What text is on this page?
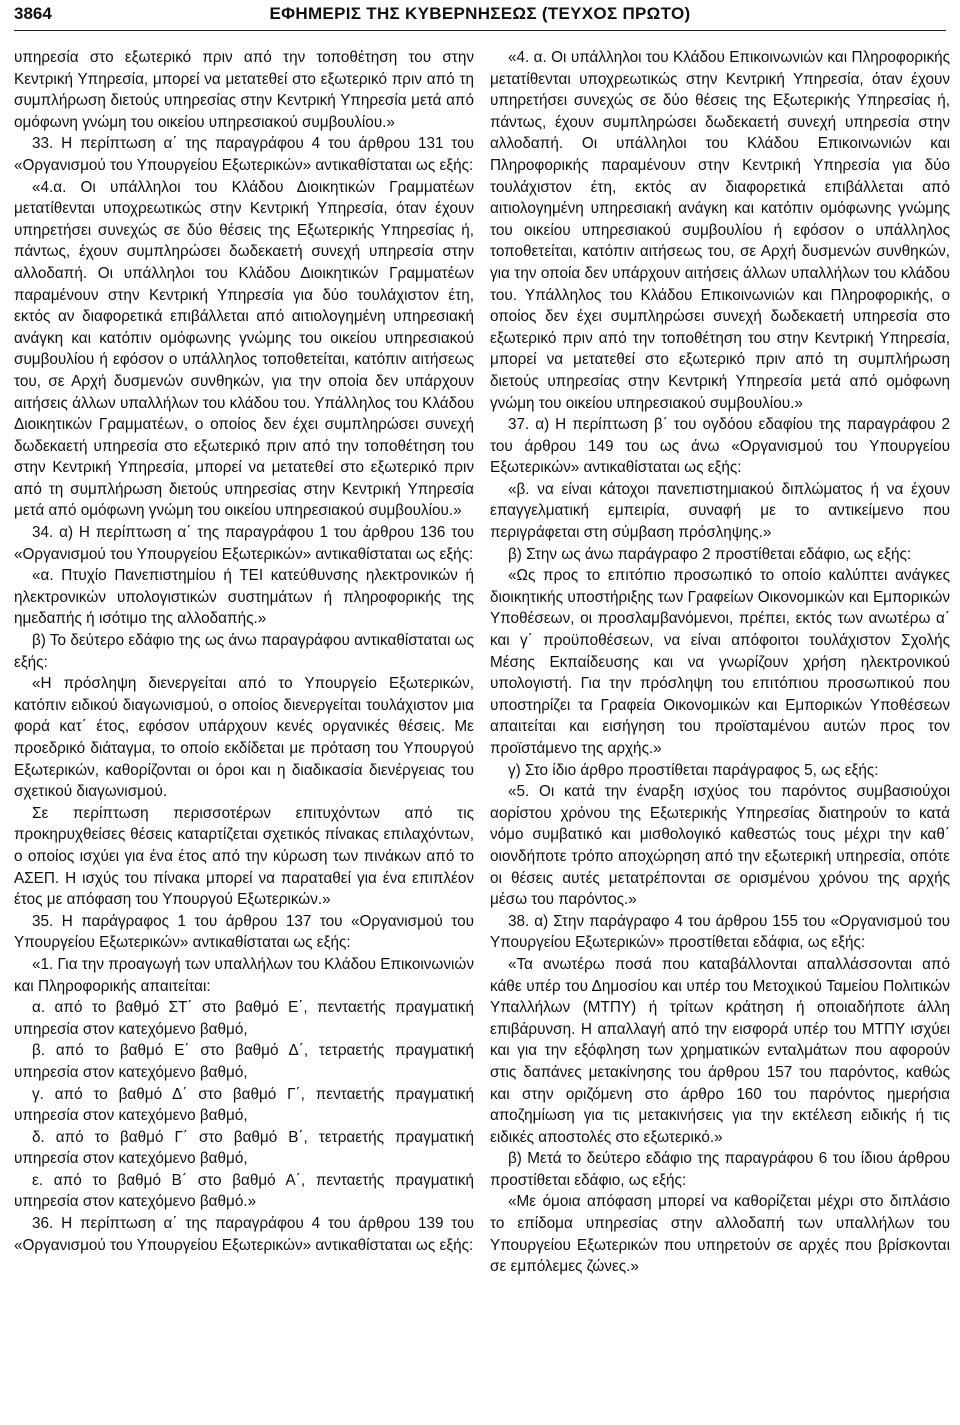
3864	ΕΦΗΜΕΡΙΣ ΤΗΣ ΚΥΒΕΡΝΗΣΕΩΣ (ΤΕΥΧΟΣ ΠΡΩΤΟ)

υπηρεσία στο εξωτερικό πριν από την τοποθέτηση του στην Κεντρική Υπηρεσία, μπορεί να μετατεθεί στο εξωτερικό πριν από τη συμπλήρωση διετούς υπηρεσίας στην Κεντρική Υπηρεσία μετά από ομόφωνη γνώμη του οικείου υπηρεσιακού συμβουλίου.»

33. Η περίπτωση α΄ της παραγράφου 4 του άρθρου 131 του «Οργανισμού του Υπουργείου Εξωτερικών» αντικαθίσταται ως εξής:

«4.α. Οι υπάλληλοι του Κλάδου Διοικητικών Γραμματέων μετατίθενται υποχρεωτικώς στην Κεντρική Υπηρεσία, όταν έχουν υπηρετήσει συνεχώς σε δύο θέσεις της Εξωτερικής Υπηρεσίας ή, πάντως, έχουν συμπληρώσει δωδεκαετή συνεχή υπηρεσία στην αλλοδαπή. Οι υπάλληλοι του Κλάδου Διοικητικών Γραμματέων παραμένουν στην Κεντρική Υπηρεσία για δύο τουλάχιστον έτη, εκτός αν διαφορετικά επιβάλλεται από αιτιολογημένη υπηρεσιακή ανάγκη και κατόπιν ομόφωνης γνώμης του οικείου υπηρεσιακού συμβουλίου ή εφόσον ο υπάλληλος τοποθετείται, κατόπιν αιτήσεως του, σε Αρχή δυσμενών συνθηκών, για την οποία δεν υπάρχουν αιτήσεις άλλων υπαλλήλων του κλάδου του. Υπάλληλος του Κλάδου Διοικητικών Γραμματέων, ο οποίος δεν έχει συμπληρώσει συνεχή δωδεκαετή υπηρεσία στο εξωτερικό πριν από την τοποθέτηση του στην Κεντρική Υπηρεσία, μπορεί να μετατεθεί στο εξωτερικό πριν από τη συμπλήρωση διετούς υπηρεσίας στην Κεντρική Υπηρεσία μετά από ομόφωνη γνώμη του οικείου υπηρεσιακού συμβουλίου.»

34. α) Η περίπτωση α΄ της παραγράφου 1 του άρθρου 136 του «Οργανισμού του Υπουργείου Εξωτερικών» αντικαθίσταται ως εξής:

«α. Πτυχίο Πανεπιστημίου ή ΤΕΙ κατεύθυνσης ηλεκτρονικών ή ηλεκτρονικών υπολογιστικών συστημάτων ή πληροφορικής της ημεδαπής ή ισότιμο της αλλοδαπής.»

β) Το δεύτερο εδάφιο της ως άνω παραγράφου αντικαθίσταται ως εξής:

«Η πρόσληψη διενεργείται από το Υπουργείο Εξωτερικών, κατόπιν ειδικού διαγωνισμού, ο οποίος διενεργείται τουλάχιστον μια φορά κατ΄ έτος, εφόσον υπάρχουν κενές οργανικές θέσεις. Με προεδρικό διάταγμα, το οποίο εκδίδεται με πρόταση του Υπουργού Εξωτερικών, καθορίζονται οι όροι και η διαδικασία διενέργειας του σχετικού διαγωνισμού.

Σε περίπτωση περισσοτέρων επιτυχόντων από τις προκηρυχθείσες θέσεις καταρτίζεται σχετικός πίνακας επιλαχόντων, ο οποίος ισχύει για ένα έτος από την κύρωση των πινάκων από το ΑΣΕΠ. Η ισχύς του πίνακα μπορεί να παραταθεί για ένα επιπλέον έτος με απόφαση του Υπουργού Εξωτερικών.»

35. Η παράγραφος 1 του άρθρου 137 του «Οργανισμού του Υπουργείου Εξωτερικών» αντικαθίσταται ως εξής:

«1. Για την προαγωγή των υπαλλήλων του Κλάδου Επικοινωνιών και Πληροφορικής απαιτείται:

α. από το βαθμό ΣΤ΄ στο βαθμό Ε΄, πενταετής πραγματική υπηρεσία στον κατεχόμενο βαθμό,

β. από το βαθμό Ε΄ στο βαθμό Δ΄, τετραετής πραγματική υπηρεσία στον κατεχόμενο βαθμό,

γ. από το βαθμό Δ΄ στο βαθμό Γ΄, πενταετής πραγματική υπηρεσία στον κατεχόμενο βαθμό,

δ. από το βαθμό Γ΄ στο βαθμό Β΄, τετραετής πραγματική υπηρεσία στον κατεχόμενο βαθμό,

ε. από το βαθμό Β΄ στο βαθμό Α΄, πενταετής πραγματική υπηρεσία στον κατεχόμενο βαθμό.»

36. Η περίπτωση α΄ της παραγράφου 4 του άρθρου 139 του «Οργανισμού του Υπουργείου Εξωτερικών» αντικαθίσταται ως εξής:

«4. α. Οι υπάλληλοι του Κλάδου Επικοινωνιών και Πληροφορικής μετατίθενται υποχρεωτικώς στην Κεντρική Υπηρεσία, όταν έχουν υπηρετήσει συνεχώς σε δύο θέσεις της Εξωτερικής Υπηρεσίας ή, πάντως, έχουν συμπληρώσει δωδεκαετή συνεχή υπηρεσία στην αλλοδαπή. Οι υπάλληλοι του Κλάδου Επικοινωνιών και Πληροφορικής παραμένουν στην Κεντρική Υπηρεσία για δύο τουλάχιστον έτη, εκτός αν διαφορετικά επιβάλλεται από αιτιολογημένη υπηρεσιακή ανάγκη και κατόπιν ομόφωνης γνώμης του οικείου υπηρεσιακού συμβουλίου ή εφόσον ο υπάλληλος τοποθετείται, κατόπιν αιτήσεως του, σε Αρχή δυσμενών συνθηκών, για την οποία δεν υπάρχουν αιτήσεις άλλων υπαλλήλων του κλάδου του. Υπάλληλος του Κλάδου Επικοινωνιών και Πληροφορικής, ο οποίος δεν έχει συμπληρώσει συνεχή δωδεκαετή υπηρεσία στο εξωτερικό πριν από την τοποθέτηση του στην Κεντρική Υπηρεσία, μπορεί να μετατεθεί στο εξωτερικό πριν από τη συμπλήρωση διετούς υπηρεσίας στην Κεντρική Υπηρεσία μετά από ομόφωνη γνώμη του οικείου υπηρεσιακού συμβουλίου.»

37. α) Η περίπτωση β΄ του ογδόου εδαφίου της παραγράφου 2 του άρθρου 149 του ως άνω «Οργανισμού του Υπουργείου Εξωτερικών» αντικαθίσταται ως εξής:

«β. να είναι κάτοχοι πανεπιστημιακού διπλώματος ή να έχουν επαγγελματική εμπειρία, συναφή με το αντικείμενο που περιγράφεται στη σύμβαση πρόσληψης.»

β) Στην ως άνω παράγραφο 2 προστίθεται εδάφιο, ως εξής:

«Ως προς το επιτόπιο προσωπικό το οποίο καλύπτει ανάγκες διοικητικής υποστήριξης των Γραφείων Οικονομικών και Εμπορικών Υποθέσεων, οι προσλαμβανόμενοι, πρέπει, εκτός των ανωτέρω α΄ και γ΄ προϋποθέσεων, να είναι απόφοιτοι τουλάχιστον Σχολής Μέσης Εκπαίδευσης και να γνωρίζουν χρήση ηλεκτρονικού υπολογιστή. Για την πρόσληψη του επιτόπιου προσωπικού που υποστηρίζει τα Γραφεία Οικονομικών και Εμπορικών Υποθέσεων απαιτείται και εισήγηση του προϊσταμένου αυτών προς τον προϊστάμενο της αρχής.»

γ) Στο ίδιο άρθρο προστίθεται παράγραφος 5, ως εξής:

«5. Οι κατά την έναρξη ισχύος του παρόντος συμβασιούχοι αορίστου χρόνου της Εξωτερικής Υπηρεσίας διατηρούν το κατά νόμο συμβατικό και μισθολογικό καθεστώς τους μέχρι την καθ΄ οιονδήποτε τρόπο αποχώρηση από την εξωτερική υπηρεσία, οπότε οι θέσεις αυτές μετατρέπονται σε ορισμένου χρόνου της αρχής μέσω του παρόντος.»

38. α) Στην παράγραφο 4 του άρθρου 155 του «Οργανισμού του Υπουργείου Εξωτερικών» προστίθεται εδάφια, ως εξής:

«Τα ανωτέρω ποσά που καταβάλλονται απαλλάσσονται από κάθε υπέρ του Δημοσίου και υπέρ του Μετοχικού Ταμείου Πολιτικών Υπαλλήλων (ΜΤΠΥ) ή τρίτων κράτηση ή οποιαδήποτε άλλη επιβάρυνση. Η απαλλαγή από την εισφορά υπέρ του ΜΤΠΥ ισχύει και για την εξόφληση των χρηματικών ενταλμάτων που αφορούν στις δαπάνες μετακίνησης του άρθρου 157 του παρόντος, καθώς και στην οριζόμενη στο άρθρο 160 του παρόντος ημερήσια αποζημίωση για τις μετακινήσεις για την εκτέλεση ειδικής ή τις ειδικές αποστολές στο εξωτερικό.»

β) Μετά το δεύτερο εδάφιο της παραγράφου 6 του ίδιου άρθρου προστίθεται εδάφιο, ως εξής:

«Με όμοια απόφαση μπορεί να καθορίζεται μέχρι στο διπλάσιο το επίδομα υπηρεσίας στην αλλοδαπή των υπαλλήλων του Υπουργείου Εξωτερικών που υπηρετούν σε αρχές που βρίσκονται σε εμπόλεμες ζώνες.»
